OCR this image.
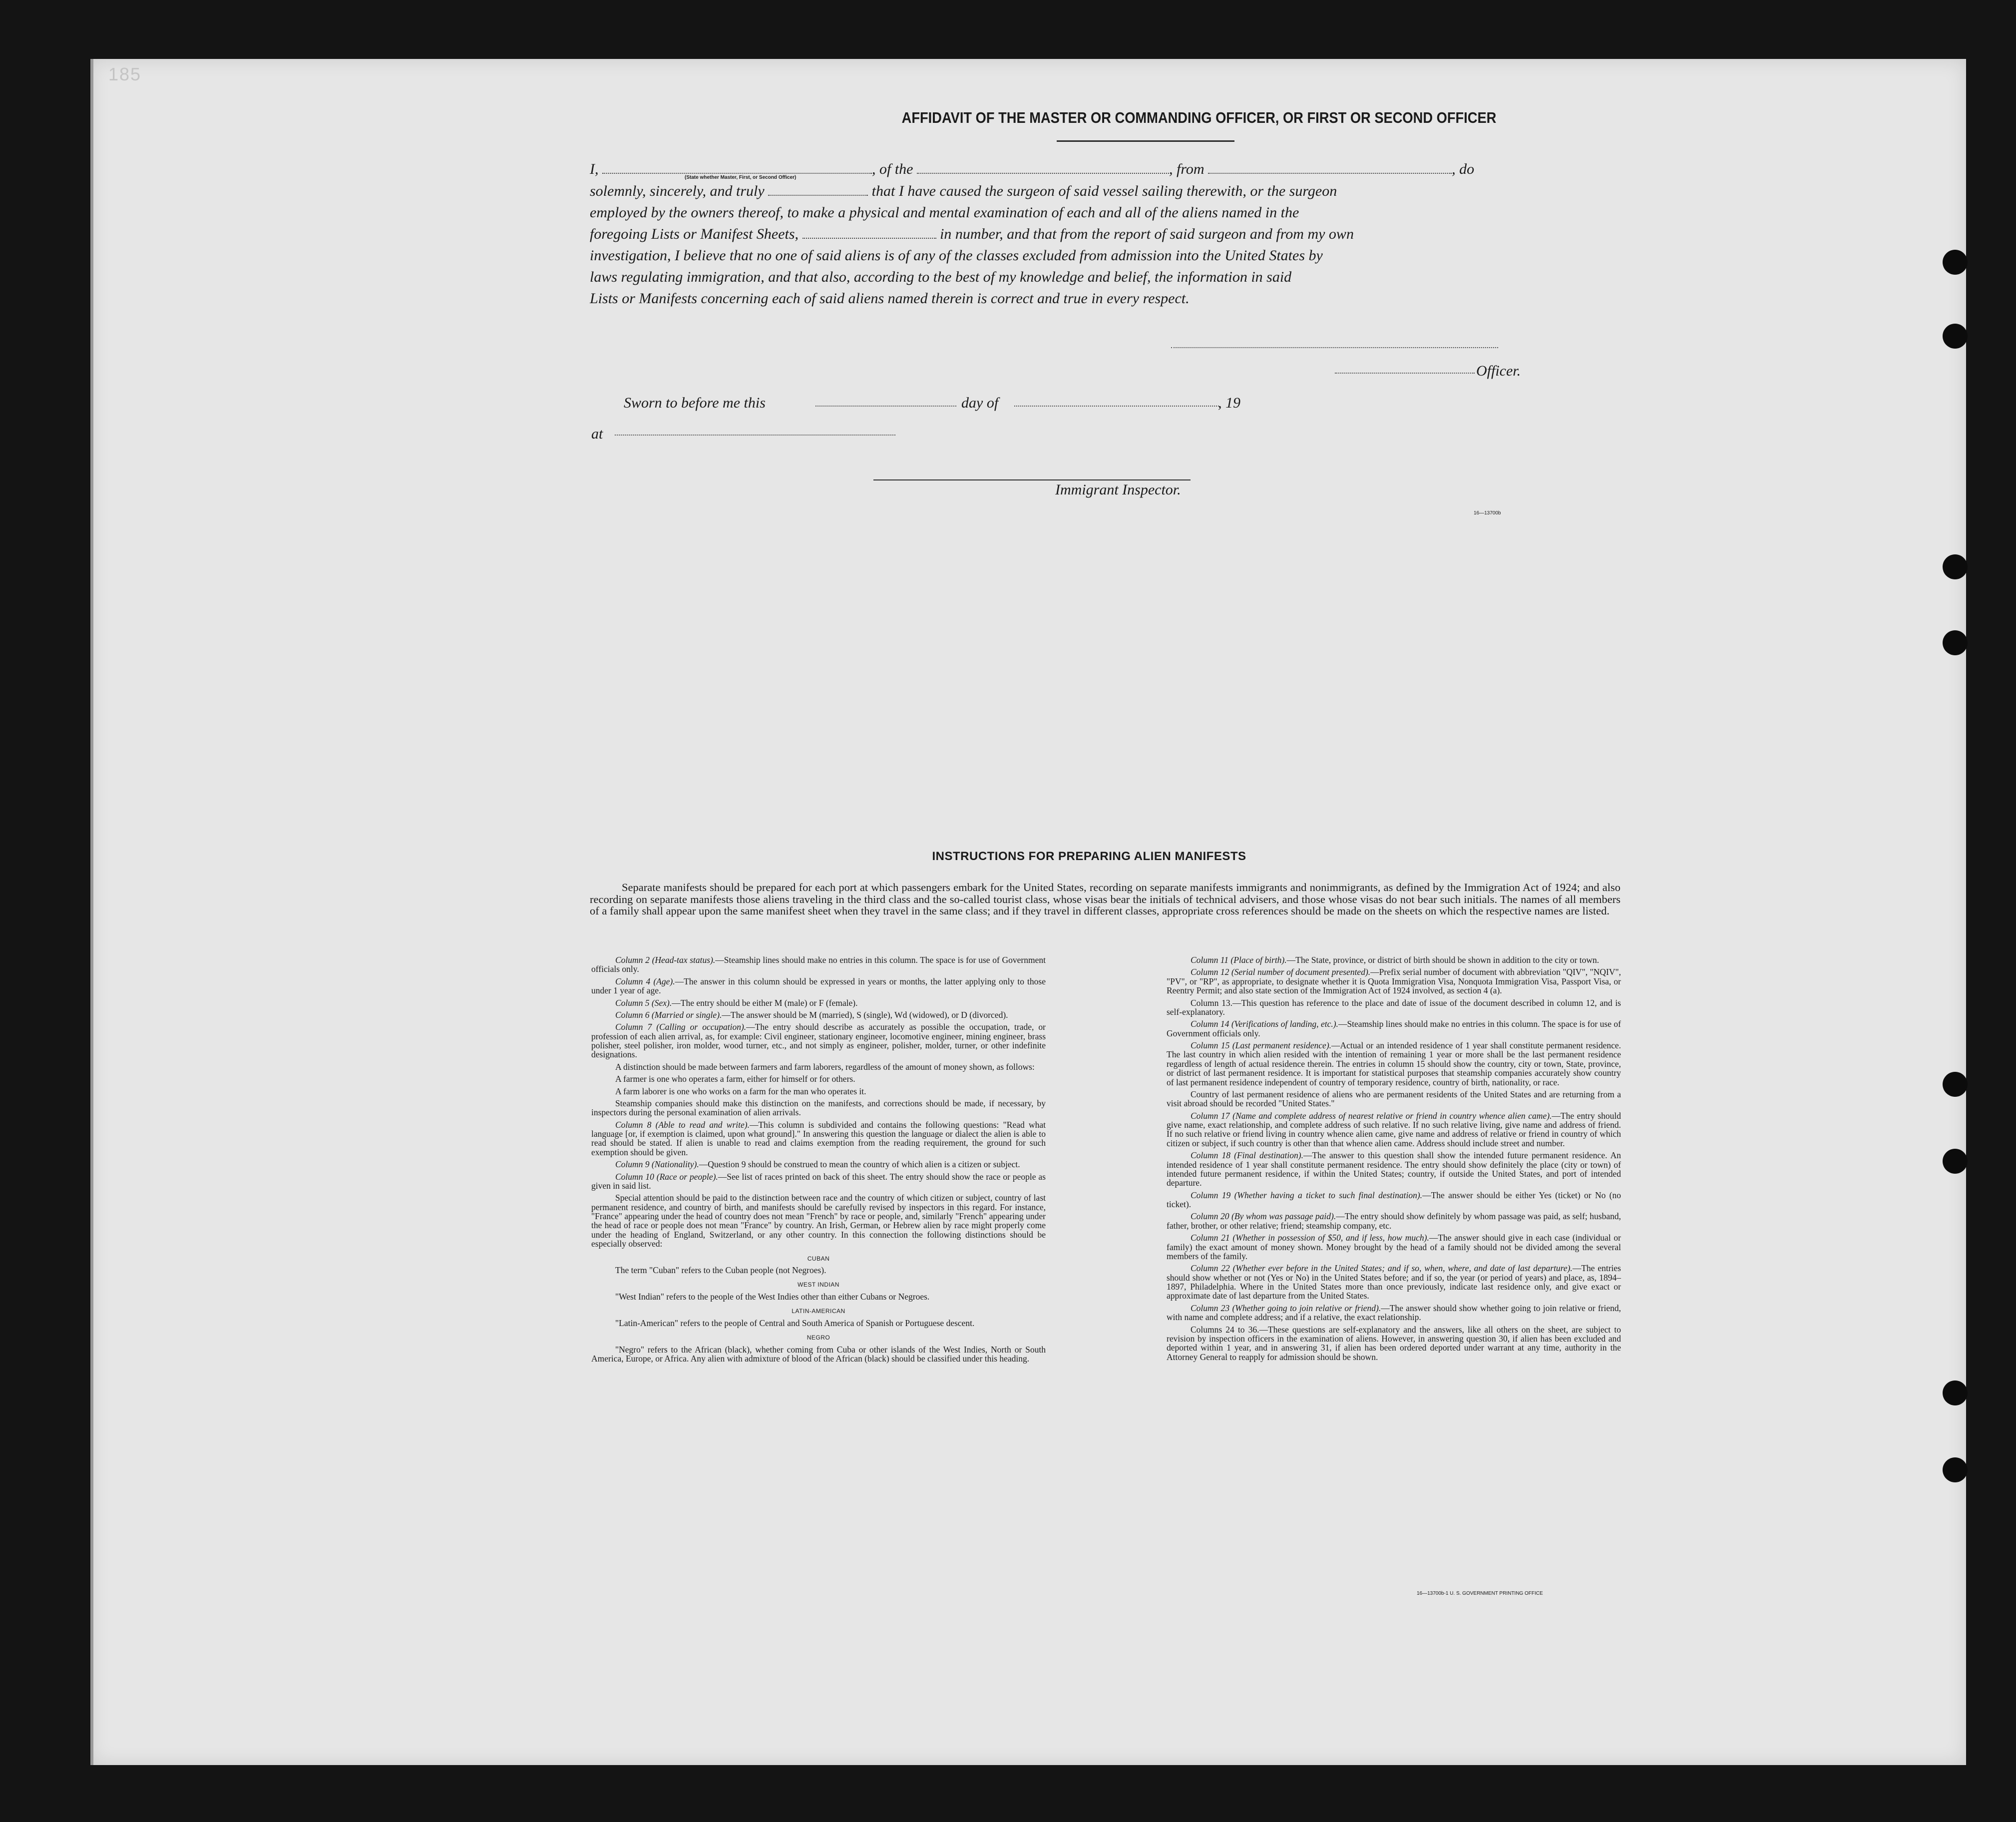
185
AFFIDAVIT OF THE MASTER OR COMMANDING OFFICER, OR FIRST OR SECOND OFFICER
I,	, of the	, from	, do
(State whether Master, First, or Second Officer)
solemnly, sincerely, and truly	that I have caused the surgeon of said vessel sailing therewith, or the surgeon
employed by the owners thereof, to make a physical and mental examination of each and all of the aliens named in the
foregoing Lists or Manifest Sheets,	in number, and that from the report of said surgeon and from my own
investigation, I believe that no one of said aliens is of any of the classes excluded from admission into the United States by
laws regulating immigration, and that also, according to the best of my knowledge and belief, the information in said
Lists or Manifests concerning each of said aliens named therein is correct and true in every respect.
Officer.
Sworn to before me this	day of	, 19
at
Immigrant Inspector.
16—13700b
INSTRUCTIONS FOR PREPARING ALIEN MANIFESTS
Separate manifests should be prepared for each port at which passengers embark for the United States, recording on separate manifests immigrants and nonimmigrants, as defined by the Immigration Act of 1924; and also recording on separate manifests those aliens traveling in the third class and the so-called tourist class, whose visas bear the initials of technical advisers, and those whose visas do not bear such initials. The names of all members of a family shall appear upon the same manifest sheet when they travel in the same class; and if they travel in different classes, appropriate cross references should be made on the sheets on which the respective names are listed.

Column 2 (Head-tax status).—Steamship lines should make no entries in this column. The space is for use of Government officials only.

Column 4 (Age).—The answer in this column should be expressed in years or months, the latter applying only to those under 1 year of age.

Column 5 (Sex).—The entry should be either M (male) or F (female).

Column 6 (Married or single).—The answer should be M (married), S (single), Wd (widowed), or D (divorced).

Column 7 (Calling or occupation).—The entry should describe as accurately as possible the occupation, trade, or profession of each alien arrival, as, for example: Civil engineer, stationary engineer, locomotive engineer, mining engineer, brass polisher, steel polisher, iron molder, wood turner, etc., and not simply as engineer, polisher, molder, turner, or other indefinite designations.

A distinction should be made between farmers and farm laborers, regardless of the amount of money shown, as follows:

A farmer is one who operates a farm, either for himself or for others.

A farm laborer is one who works on a farm for the man who operates it.

Steamship companies should make this distinction on the manifests, and corrections should be made, if necessary, by inspectors during the personal examination of alien arrivals.

Column 8 (Able to read and write).—This column is subdivided and contains the following questions: "Read what language [or, if exemption is claimed, upon what ground]." In answering this question the language or dialect the alien is able to read should be stated. If alien is unable to read and claims exemption from the reading requirement, the ground for such exemption should be given.

Column 9 (Nationality).—Question 9 should be construed to mean the country of which alien is a citizen or subject.

Column 10 (Race or people).—See list of races printed on back of this sheet. The entry should show the race or people as given in said list.

Special attention should be paid to the distinction between race and the country of which citizen or subject, country of last permanent residence, and country of birth, and manifests should be carefully revised by inspectors in this regard. For instance, "France" appearing under the head of country does not mean "French" by race or people, and, similarly "French" appearing under the head of race or people does not mean "France" by country. An Irish, German, or Hebrew alien by race might properly come under the heading of England, Switzerland, or any other country. In this connection the following distinctions should be especially observed:

CUBAN

The term "Cuban" refers to the Cuban people (not Negroes).

WEST INDIAN

"West Indian" refers to the people of the West Indies other than either Cubans or Negroes.

LATIN-AMERICAN

"Latin-American" refers to the people of Central and South America of Spanish or Portuguese descent.

NEGRO

"Negro" refers to the African (black), whether coming from Cuba or other islands of the West Indies, North or South America, Europe, or Africa. Any alien with admixture of blood of the African (black) should be classified under this heading.

Column 11 (Place of birth).—The State, province, or district of birth should be shown in addition to the city or town.

Column 12 (Serial number of document presented).—Prefix serial number of document with abbreviation "QIV", "NQIV", "PV", or "RP", as appropriate, to designate whether it is Quota Immigration Visa, Nonquota Immigration Visa, Passport Visa, or Reentry Permit; and also state section of the Immigration Act of 1924 involved, as section 4 (a).

Column 13.—This question has reference to the place and date of issue of the document described in column 12, and is self-explanatory.

Column 14 (Verifications of landing, etc.).—Steamship lines should make no entries in this column. The space is for use of Government officials only.

Column 15 (Last permanent residence).—Actual or an intended residence of 1 year shall constitute permanent residence. The last country in which alien resided with the intention of remaining 1 year or more shall be the last permanent residence regardless of length of actual residence therein. The entries in column 15 should show the country, city or town, State, province, or district of last permanent residence. It is important for statistical purposes that steamship companies accurately show country of last permanent residence independent of country of temporary residence, country of birth, nationality, or race.

Country of last permanent residence of aliens who are permanent residents of the United States and are returning from a visit abroad should be recorded "United States."

Column 17 (Name and complete address of nearest relative or friend in country whence alien came).—The entry should give name, exact relationship, and complete address of such relative. If no such relative living, give name and address of friend. If no such relative or friend living in country whence alien came, give name and address of relative or friend in country of which citizen or subject, if such country is other than that whence alien came. Address should include street and number.

Column 18 (Final destination).—The answer to this question shall show the intended future permanent residence. An intended residence of 1 year shall constitute permanent residence. The entry should show definitely the place (city or town) of intended future permanent residence, if within the United States; country, if outside the United States, and port of intended departure.

Column 19 (Whether having a ticket to such final destination).—The answer should be either Yes (ticket) or No (no ticket).

Column 20 (By whom was passage paid).—The entry should show definitely by whom passage was paid, as self; husband, father, brother, or other relative; friend; steamship company, etc.

Column 21 (Whether in possession of $50, and if less, how much).—The answer should give in each case (individual or family) the exact amount of money shown. Money brought by the head of a family should not be divided among the several members of the family.

Column 22 (Whether ever before in the United States; and if so, when, where, and date of last departure).—The entries should show whether or not (Yes or No) in the United States before; and if so, the year (or period of years) and place, as, 1894–1897, Philadelphia. Where in the United States more than once previously, indicate last residence only, and give exact or approximate date of last departure from the United States.

Column 23 (Whether going to join relative or friend).—The answer should show whether going to join relative or friend, with name and complete address; and if a relative, the exact relationship.

Columns 24 to 36.—These questions are self-explanatory and the answers, like all others on the sheet, are subject to revision by inspection officers in the examination of aliens. However, in answering question 30, if alien has been excluded and deported within 1 year, and in answering 31, if alien has been ordered deported under warrant at any time, authority in the Attorney General to reapply for admission should be shown.

16—13700b-1 U. S. GOVERNMENT PRINTING OFFICE
